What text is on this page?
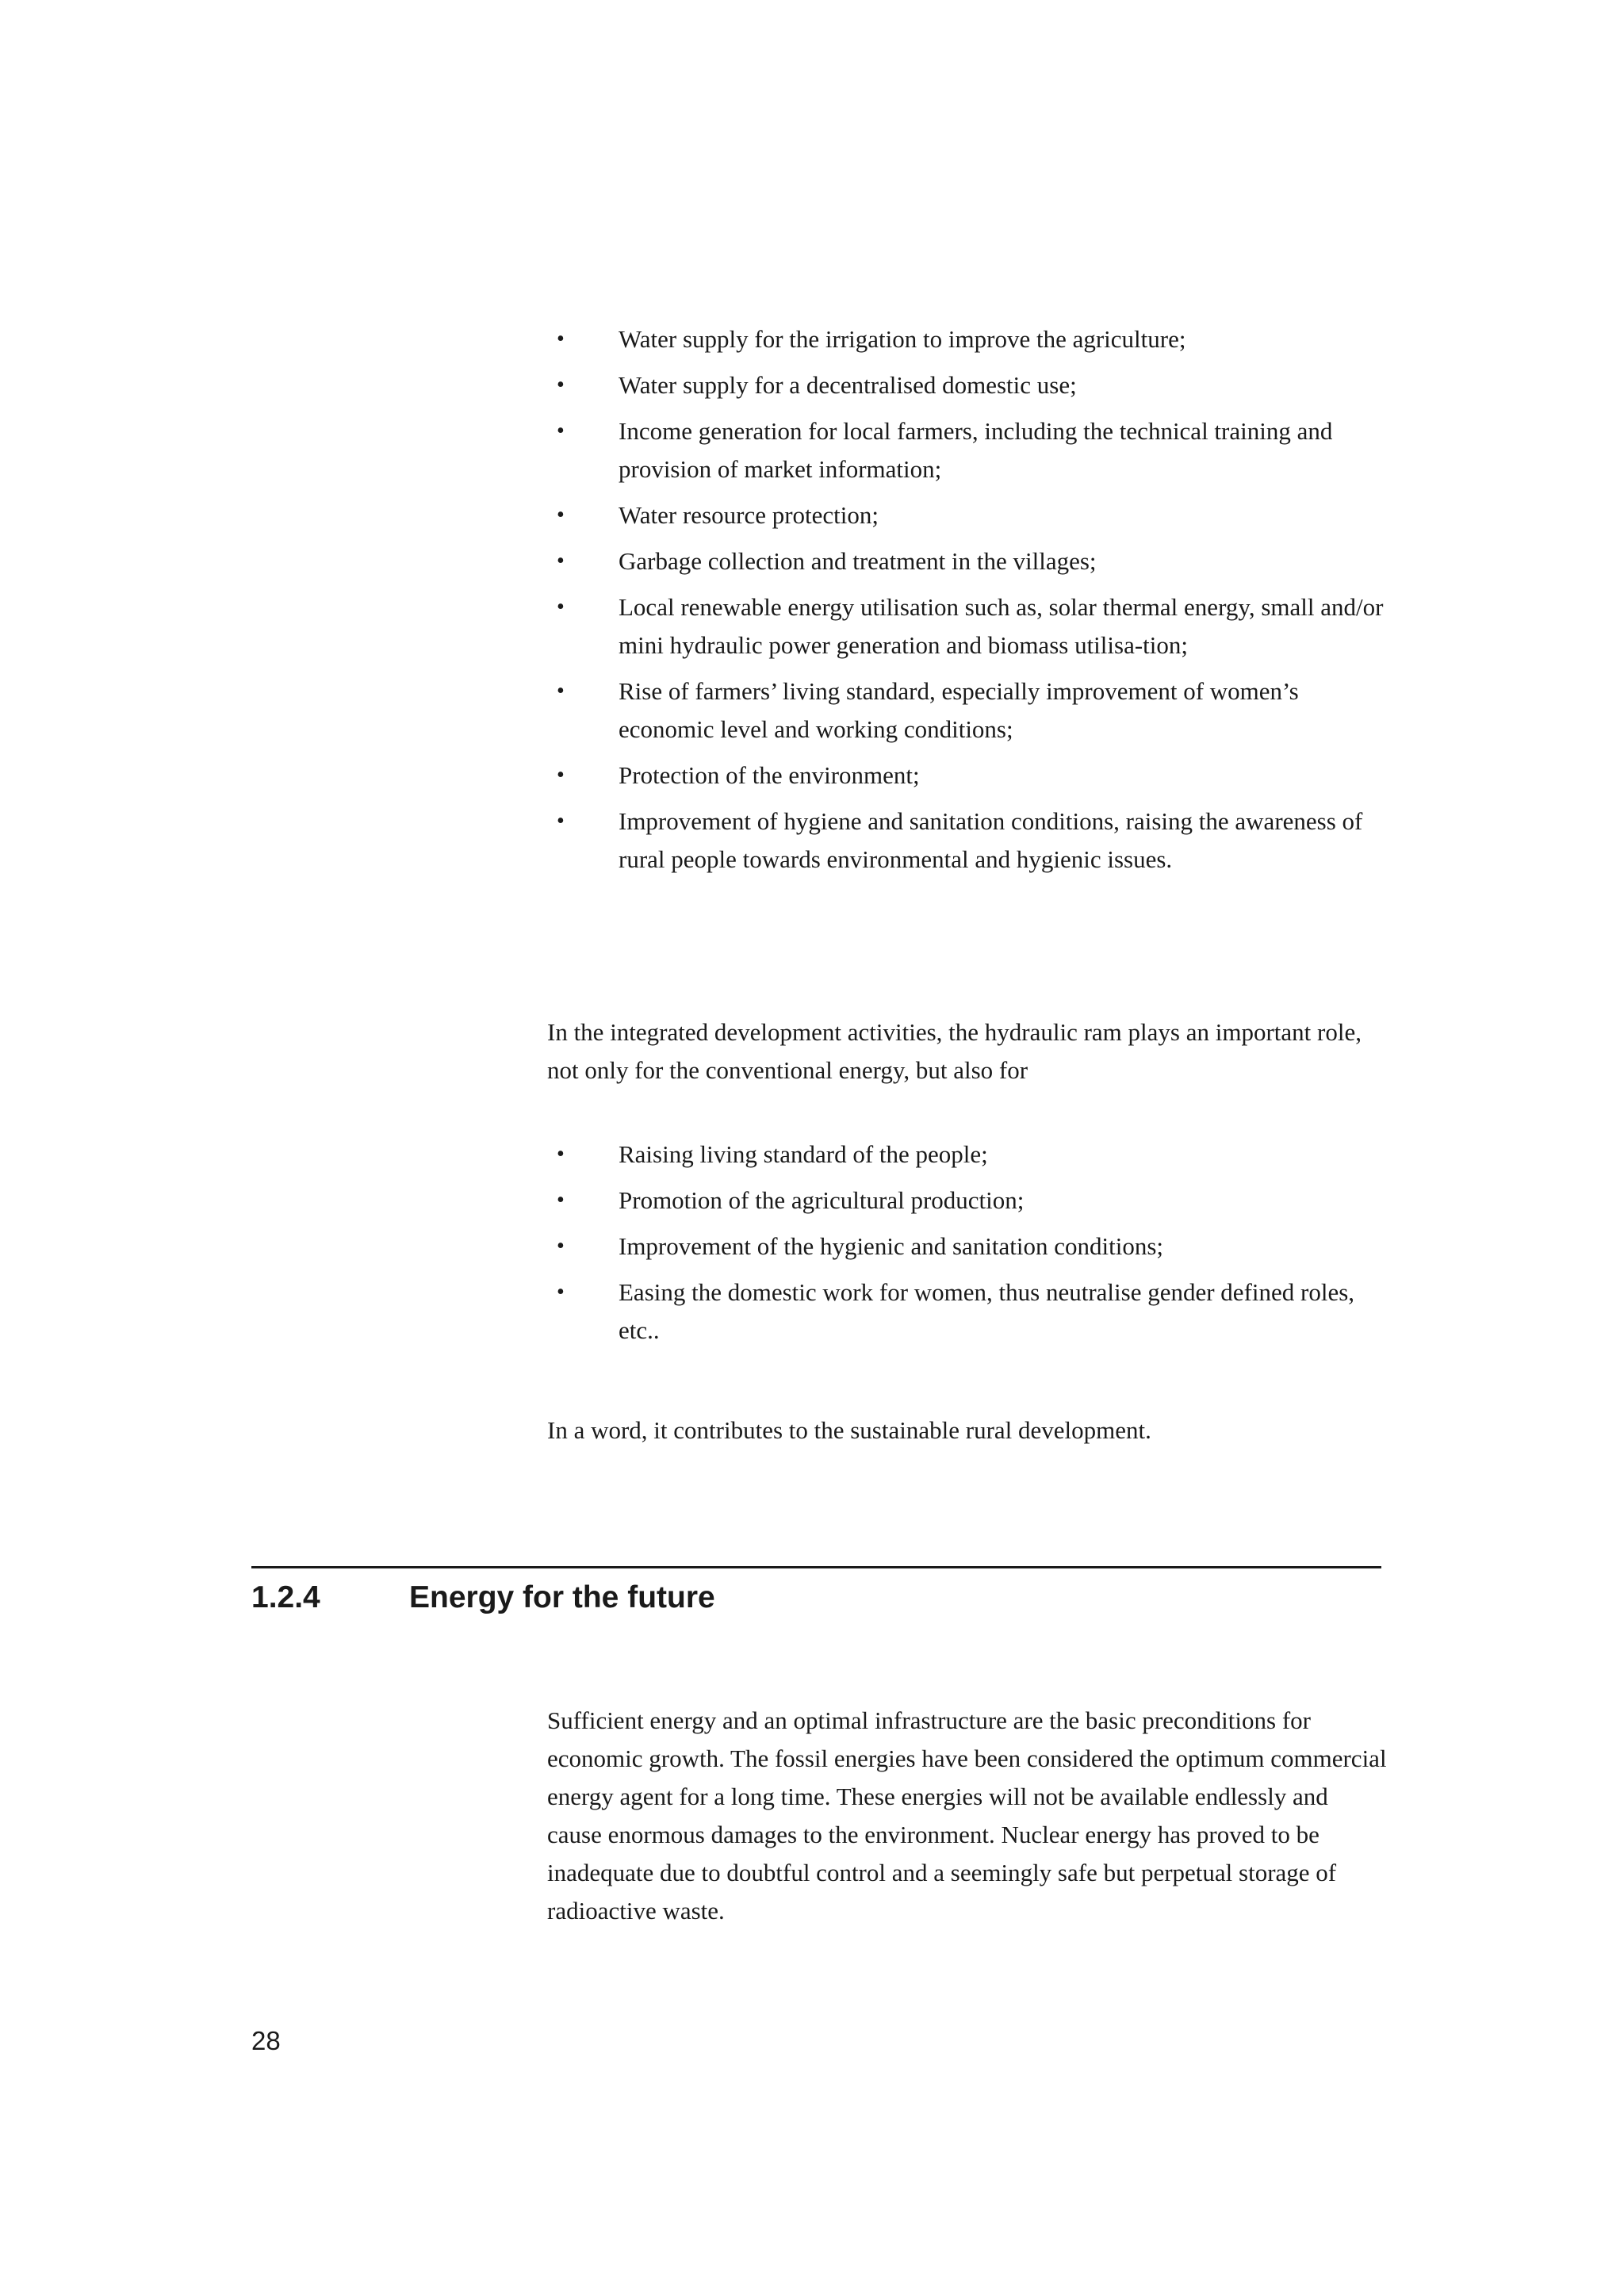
• Water supply for the irrigation to improve the agriculture;
• Water supply for a decentralised domestic use;
• Income generation for local farmers, including the technical training and provision of market information;
• Water resource protection;
• Garbage collection and treatment in the villages;
• Local renewable energy utilisation such as, solar thermal energy, small and/or mini hydraulic power generation and biomass utilisa-tion;
• Rise of farmers’ living standard, especially improvement of women’s economic level and working conditions;
• Protection of the environment;
• Improvement of hygiene and sanitation conditions, raising the awareness of rural people towards environmental and hygienic issues.

In the integrated development activities, the hydraulic ram plays an important role, not only for the conventional energy, but also for

• Raising living standard of the people;
• Promotion of the agricultural production;
• Improvement of the hygienic and sanitation conditions;
• Easing the domestic work for women, thus neutralise gender defined roles, etc..

In a word, it contributes to the sustainable rural development.

1.2.4	Energy for the future

Sufficient energy and an optimal infrastructure are the basic preconditions for economic growth. The fossil energies have been considered the optimum commercial energy agent for a long time. These energies will not be available endlessly and cause enormous damages to the environment. Nuclear energy has proved to be inadequate due to doubtful control and a seemingly safe but perpetual storage of radioactive waste.

28
